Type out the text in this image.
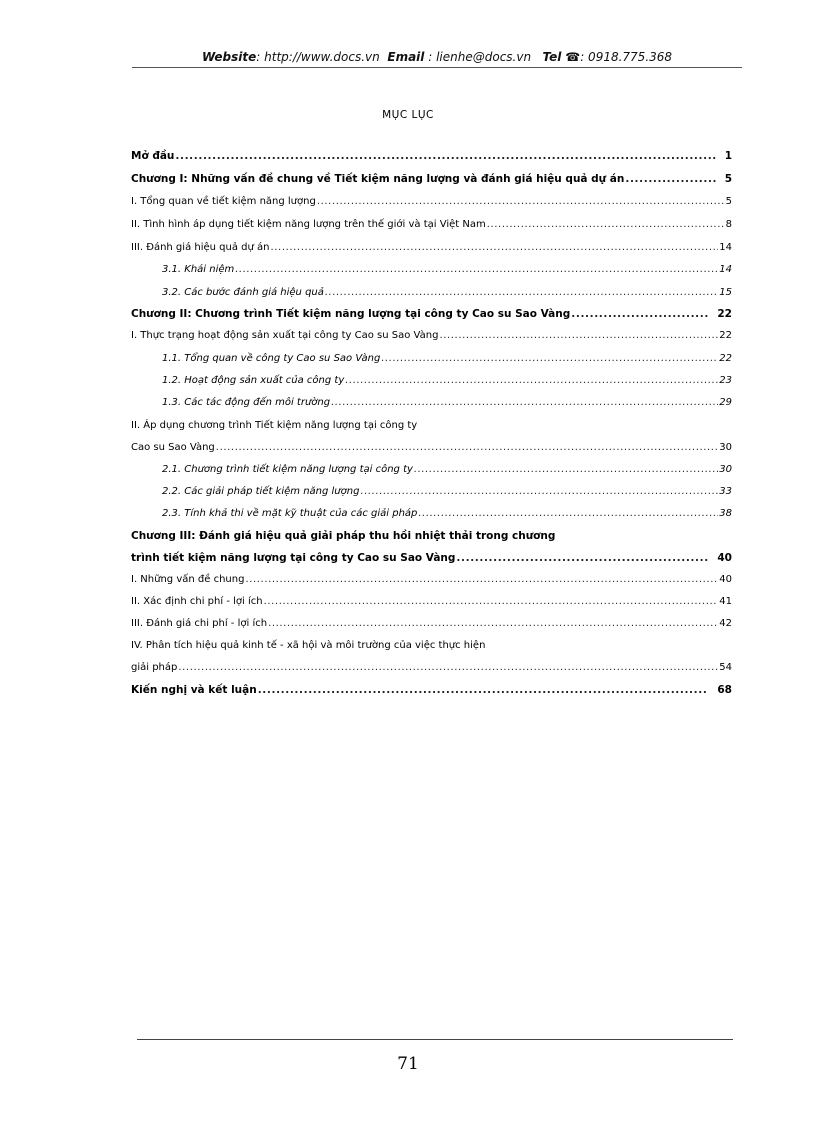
Website: http://www.docs.vn Email : lienhe@docs.vn Tel ☎: 0918.775.368
MỤC LỤC
Mở đầu .....	1
Chương I: Những vấn đề chung về Tiết kiệm năng lượng và đánh giá hiệu quả dự án .....	5
I. Tổng quan về tiết kiệm năng lượng .....	5
II. Tình hình áp dụng tiết kiệm năng lượng trên thế giới và tại Việt Nam .....	8
III. Đánh giá hiệu quả dự án .....	14
3.1. Khái niệm .....	14
3.2. Các bước đánh giá hiệu quả .....	15
Chương II: Chương trình Tiết kiệm năng lượng tại công ty Cao su Sao Vàng .....	22
I. Thực trạng hoạt động sản xuất tại công ty Cao su Sao Vàng .....	22
1.1. Tổng quan về công ty Cao su Sao Vàng .....	22
1.2. Hoạt động sản xuất của công ty .....	23
1.3. Các tác động đến môi trường .....	29
II. Áp dụng chương trình Tiết kiệm năng lượng tại công ty
Cao su Sao Vàng .....	30
2.1. Chương trình tiết kiệm năng lượng tại công ty .....	30
2.2. Các giải pháp tiết kiệm năng lượng .....	33
2.3. Tính khả thi về mặt kỹ thuật của các giải pháp .....	38
Chương III: Đánh giá hiệu quả giải pháp thu hồi nhiệt thải trong chương
trình tiết kiệm năng lượng tại công ty Cao su Sao Vàng .....	40
I. Những vấn đề chung .....	40
II. Xác định chi phí - lợi ích .....	41
III. Đánh giá chi phí - lợi ích .....	42
IV. Phân tích hiệu quả kinh tế - xã hội và môi trường của việc thực hiện
giải pháp .....	54
Kiến nghị và kết luận .....	68
71
